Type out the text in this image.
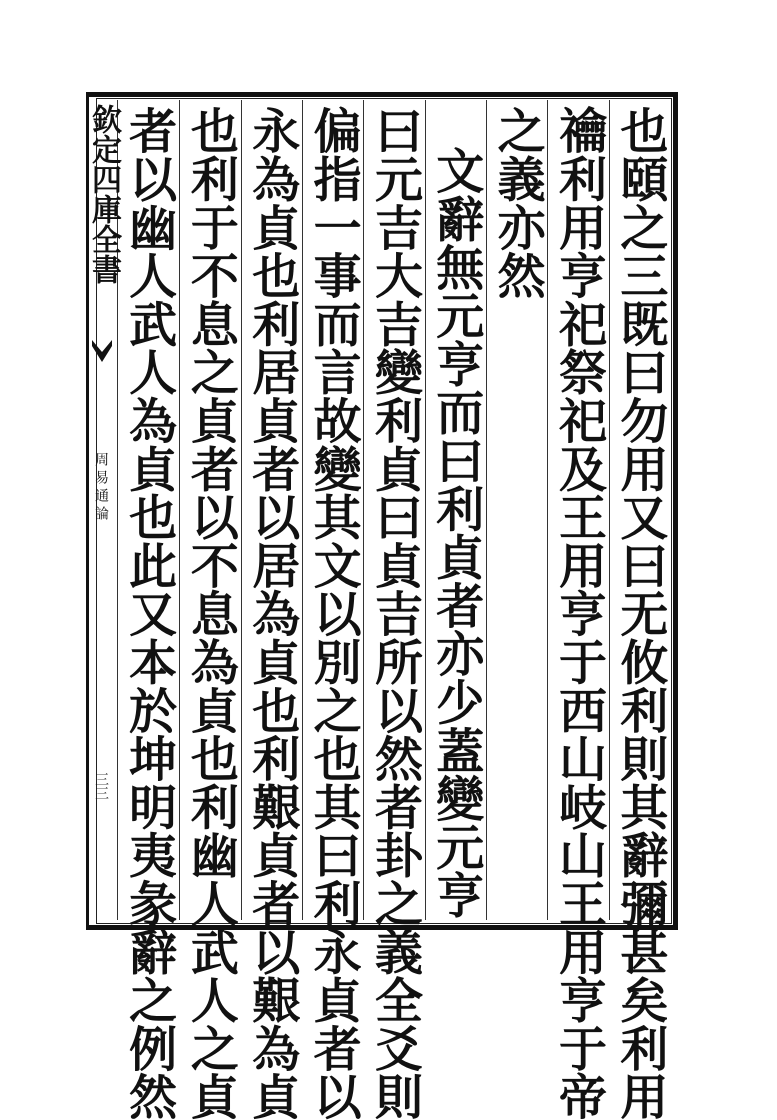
欽定四庫全書
周易通論
三三	也頤之三既曰勿用又曰无攸利則其辭彌甚矣利用
禴利用亨祀祭祀及王用亨于西山岐山王用亨于帝
之義亦然
文辭無元亨而曰利貞者亦少蓋變元亨
曰元吉大吉變利貞曰貞吉所以然者卦之義全爻則
偏指一事而言故變其文以別之也其曰利永貞者以
永為貞也利居貞者以居為貞也利艱貞者以艱為貞
也利于不息之貞者以不息為貞也利幽人武人之貞
者以幽人武人為貞也此又本於坤明夷彖辭之例然
